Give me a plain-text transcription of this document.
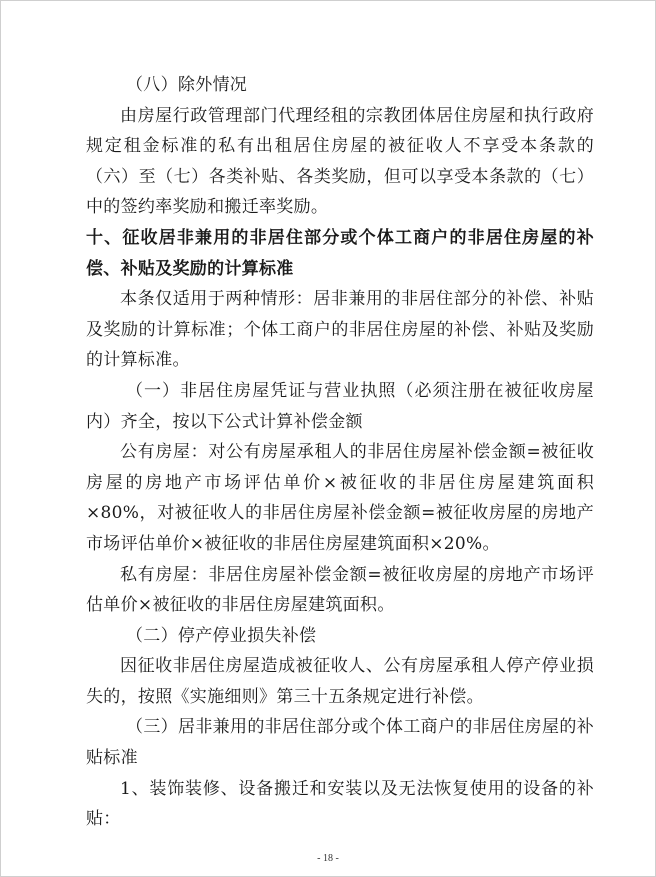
（八）除外情况

由房屋行政管理部门代理经租的宗教团体居住房屋和执行政府规定租金标准的私有出租居住房屋的被征收人不享受本条款的（六）至（七）各类补贴、各类奖励，但可以享受本条款的（七）中的签约率奖励和搬迁率奖励。

十、征收居非兼用的非居住部分或个体工商户的非居住房屋的补偿、补贴及奖励的计算标准

本条仅适用于两种情形：居非兼用的非居住部分的补偿、补贴及奖励的计算标准；个体工商户的非居住房屋的补偿、补贴及奖励的计算标准。

（一）非居住房屋凭证与营业执照（必须注册在被征收房屋内）齐全，按以下公式计算补偿金额

公有房屋：对公有房屋承租人的非居住房屋补偿金额=被征收房屋的房地产市场评估单价×被征收的非居住房屋建筑面积×80%，对被征收人的非居住房屋补偿金额=被征收房屋的房地产市场评估单价×被征收的非居住房屋建筑面积×20%。

私有房屋：非居住房屋补偿金额=被征收房屋的房地产市场评估单价×被征收的非居住房屋建筑面积。

（二）停产停业损失补偿

因征收非居住房屋造成被征收人、公有房屋承租人停产停业损失的，按照《实施细则》第三十五条规定进行补偿。

（三）居非兼用的非居住部分或个体工商户的非居住房屋的补贴标准

1、装饰装修、设备搬迁和安装以及无法恢复使用的设备的补贴：

- 18 -
